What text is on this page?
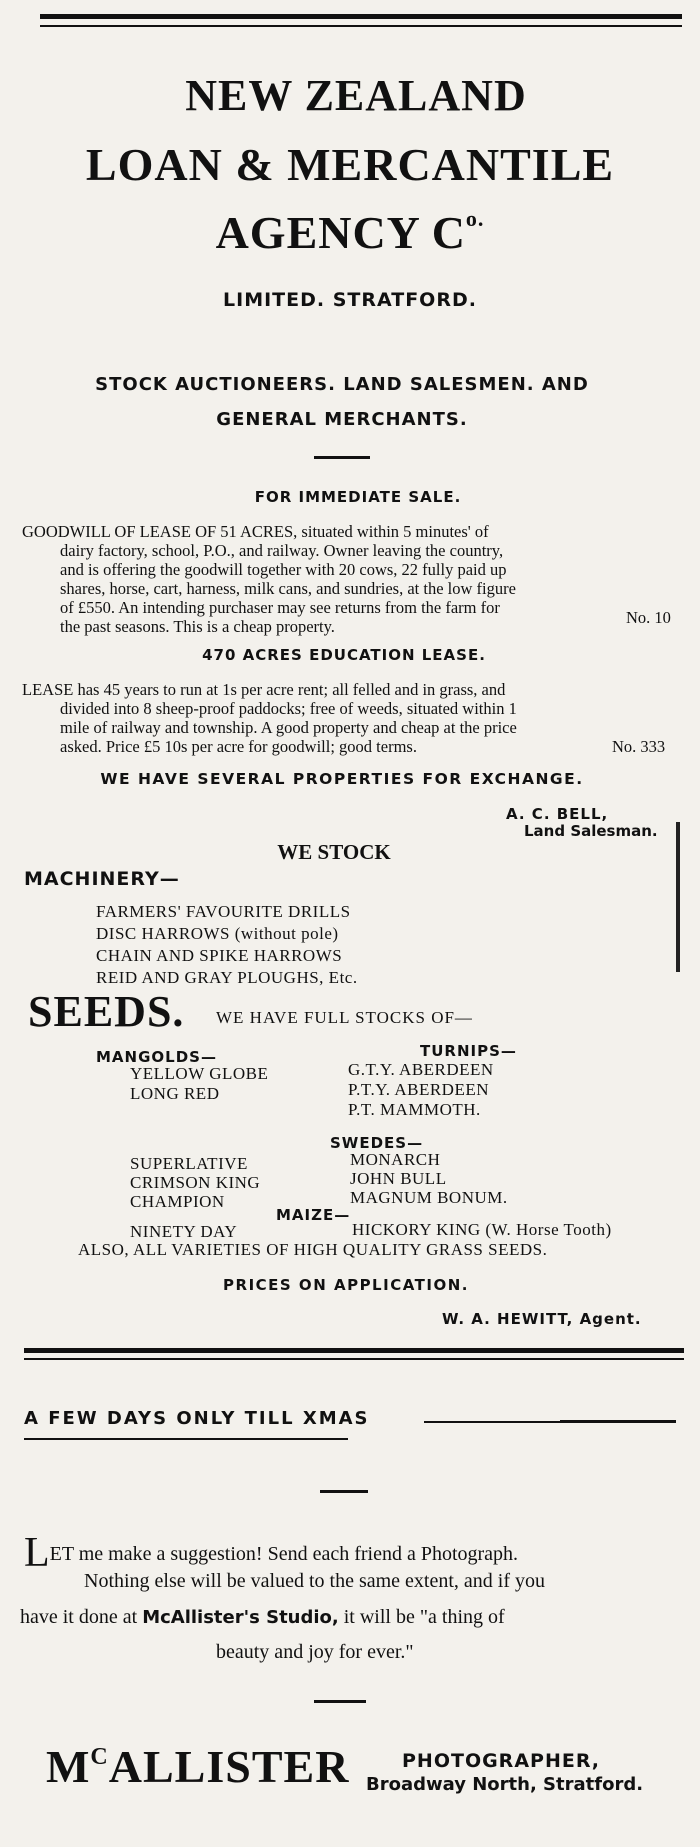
NEW ZEALAND
LOAN & MERCANTILE
AGENCY $C^{o.}$
LIMITED. STRATFORD.
STOCK AUCTIONEERS. LAND SALESMEN. AND
GENERAL MERCHANTS.
FOR IMMEDIATE SALE.
GOODWILL OF LEASE OF 51 ACRES, situated within 5 minutes' of
dairy factory, school, P.O., and railway. Owner leaving the country,
and is offering the goodwill together with 20 cows, 22 fully paid up
shares, horse, cart, harness, milk cans, and sundries, at the low figure
of £550. An intending purchaser may see returns from the farm for
the past seasons. This is a cheap property.	No. 10
470 ACRES EDUCATION LEASE.
LEASE has 45 years to run at 1s per acre rent; all felled and in grass, and
divided into 8 sheep-proof paddocks; free of weeds, situated within 1
mile of railway and township. A good property and cheap at the price
asked. Price £5 10s per acre for goodwill; good terms.	No. 333
WE HAVE SEVERAL PROPERTIES FOR EXCHANGE.
A. C. BELL,
Land Salesman.
WE STOCK
MACHINERY—
FARMERS' FAVOURITE DRILLS
DISC HARROWS (without pole)
CHAIN AND SPIKE HARROWS
REID AND GRAY PLOUGHS, Etc.
SEEDS. WE HAVE FULL STOCKS OF—
MANGOLDS—
YELLOW GLOBE
LONG RED
TURNIPS—
G.T.Y. ABERDEEN
P.T.Y. ABERDEEN
P.T. MAMMOTH.
SWEDES—
SUPERLATIVE
CRIMSON KING
CHAMPION
MONARCH
JOHN BULL
MAGNUM BONUM.
MAIZE—
NINETY DAY	HICKORY KING (W. Horse Tooth)
ALSO, ALL VARIETIES OF HIGH QUALITY GRASS SEEDS.
PRICES ON APPLICATION.
W. A. HEWITT, Agent.
A FEW DAYS ONLY TILL XMAS
LET me make a suggestion! Send each friend a Photograph.
Nothing else will be valued to the same extent, and if you
have it done at McAllister's Studio, it will be "a thing of
beauty and joy for ever."
$M^CALLISTER$	PHOTOGRAPHER,
Broadway North, Stratford.
